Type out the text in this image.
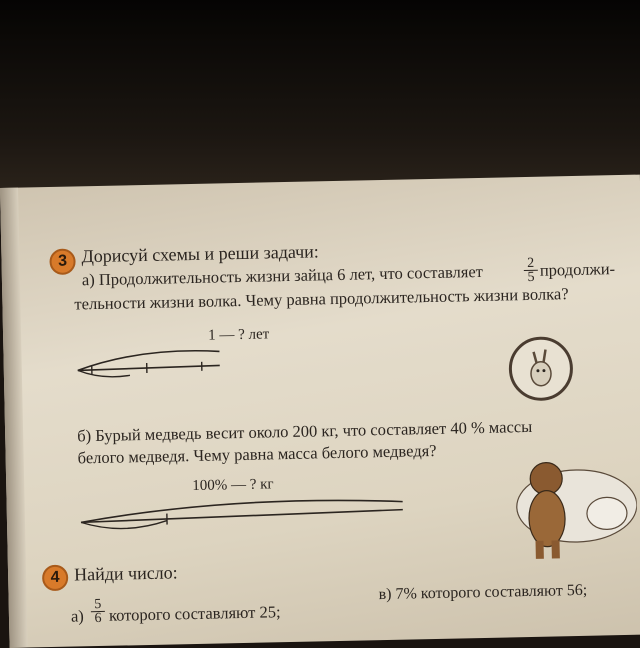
3 Дорисуй схемы и реши задачи:
а) Продолжительность жизни зайца 6 лет, что составляет	$\frac{2}{5}$ продолжи-
тельности жизни волка. Чему равна продолжительность жизни волка?
1 — ? лет
б) Бурый медведь весит около 200 кг, что составляет 40 % массы
белого медведя. Чему равна масса белого медведя?
100% — ? кг
4 Найди число:
$а) \frac{5}{6}$ которого составляют 25;
в) 7% которого составляют 56;
